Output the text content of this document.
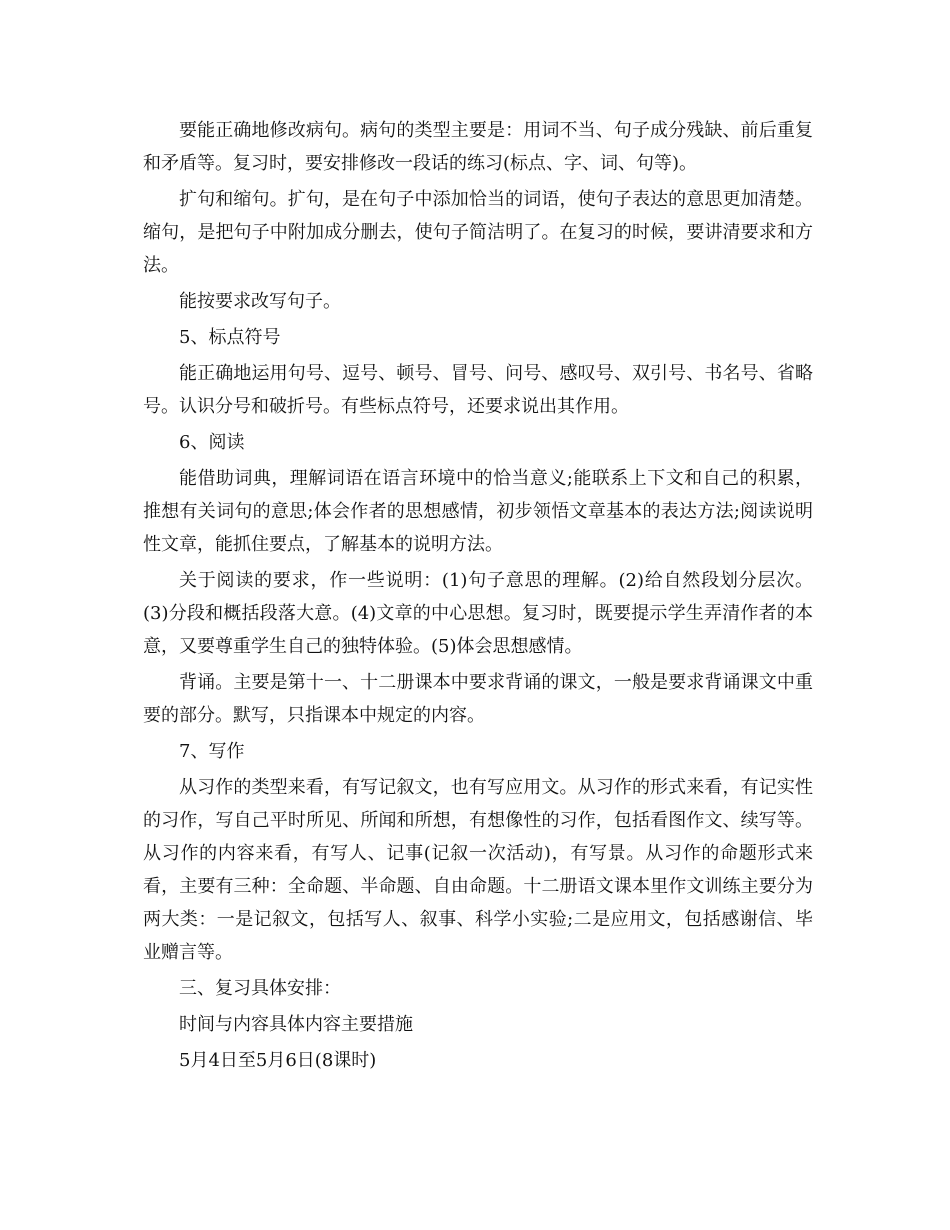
要能正确地修改病句。病句的类型主要是：用词不当、句子成分残缺、前后重复和矛盾等。复习时，要安排修改一段话的练习(标点、字、词、句等)。

扩句和缩句。扩句，是在句子中添加恰当的词语，使句子表达的意思更加清楚。缩句，是把句子中附加成分删去，使句子简洁明了。在复习的时候，要讲清要求和方法。

能按要求改写句子。

5、标点符号

能正确地运用句号、逗号、顿号、冒号、问号、感叹号、双引号、书名号、省略号。认识分号和破折号。有些标点符号，还要求说出其作用。

6、阅读

能借助词典，理解词语在语言环境中的恰当意义;能联系上下文和自己的积累，推想有关词句的意思;体会作者的思想感情，初步领悟文章基本的表达方法;阅读说明性文章，能抓住要点，了解基本的说明方法。

关于阅读的要求，作一些说明：(1)句子意思的理解。(2)给自然段划分层次。(3)分段和概括段落大意。(4)文章的中心思想。复习时，既要提示学生弄清作者的本意，又要尊重学生自己的独特体验。(5)体会思想感情。

背诵。主要是第十一、十二册课本中要求背诵的课文，一般是要求背诵课文中重要的部分。默写，只指课本中规定的内容。

7、写作

从习作的类型来看，有写记叙文，也有写应用文。从习作的形式来看，有记实性的习作，写自己平时所见、所闻和所想，有想像性的习作，包括看图作文、续写等。从习作的内容来看，有写人、记事(记叙一次活动)，有写景。从习作的命题形式来看，主要有三种：全命题、半命题、自由命题。十二册语文课本里作文训练主要分为两大类：一是记叙文，包括写人、叙事、科学小实验;二是应用文，包括感谢信、毕业赠言等。

三、复习具体安排：

时间与内容具体内容主要措施

5月4日至5月6日(8课时)
